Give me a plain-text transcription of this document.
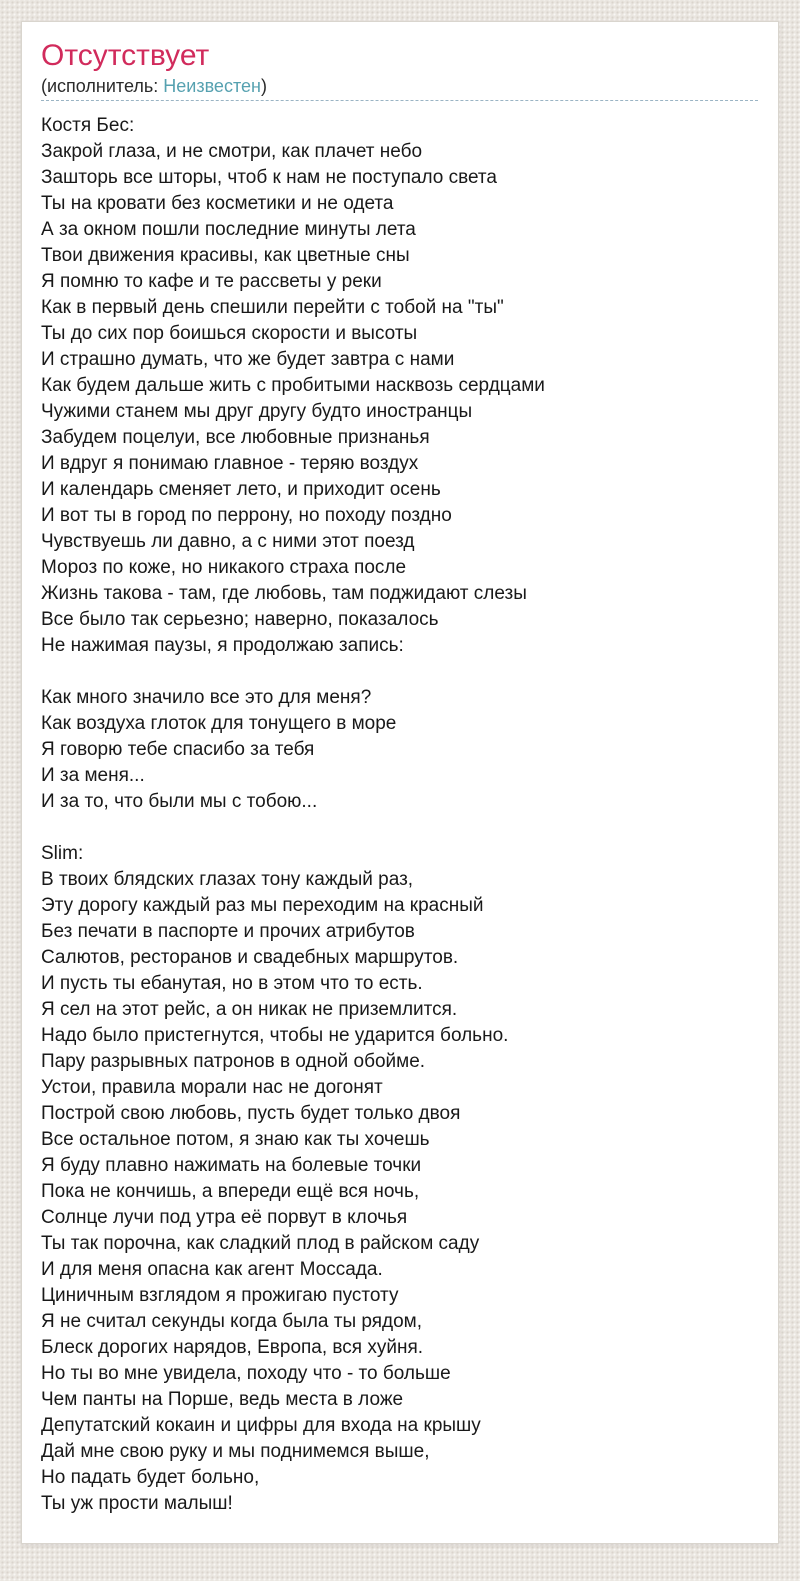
Отсутствует
(исполнитель: Неизвестен)
Костя Бес:
Закрой глаза, и не смотри, как плачет небо
Зашторь все шторы, чтоб к нам не поступало света
Ты на кровати без косметики и не одета
А за окном пошли последние минуты лета
Твои движения красивы, как цветные сны
Я помню то кафе и те рассветы у реки
Как в первый день спешили перейти с тобой на "ты"
Ты до сих пор боишься скорости и высоты
И страшно думать, что же будет завтра с нами
Как будем дальше жить с пробитыми насквозь сердцами
Чужими станем мы друг другу будто иностранцы
Забудем поцелуи, все любовные признанья
И вдруг я понимаю главное - теряю воздух
И календарь сменяет лето, и приходит осень
И вот ты в город по перрону, но походу поздно
Чувствуешь ли давно, а с ними этот поезд
Мороз по коже, но никакого страха после
Жизнь такова - там, где любовь, там поджидают слезы
Все было так серьезно; наверно, показалось
Не нажимая паузы, я продолжаю запись:

Как много значило все это для меня?
Как воздуха глоток для тонущего в море
Я говорю тебе спасибо за тебя
И за меня...
И за то, что были мы с тобою...

Slim:
В твоих блядских глазах тону каждый раз,
Эту дорогу каждый раз мы переходим на красный
Без печати в паспорте и прочих атрибутов
Салютов, ресторанов и свадебных маршрутов.
И пусть ты ебанутая, но в этом что то есть.
Я сел на этот рейс, а он никак не приземлится.
Надо было пристегнутся, чтобы не ударится больно.
Пару разрывных патронов в одной обойме.
Устои, правила морали нас не догонят
Построй свою любовь, пусть будет только двоя
Все остальное потом, я знаю как ты хочешь
Я буду плавно нажимать на болевые точки
Пока не кончишь, а впереди ещё вся ночь,
Солнце лучи под утра её порвут в клочья
Ты так порочна, как сладкий плод в райском саду
И для меня опасна как агент Моссада.
Циничным взглядом я прожигаю пустоту
Я не считал секунды когда была ты рядом,
Блеск дорогих нарядов, Европа, вся хуйня.
Но ты во мне увидела, походу что - то больше
Чем панты на Порше, ведь места в ложе
Депутатский кокаин и цифры для входа на крышу
Дай мне свою руку и мы поднимемся выше,
Но падать будет больно,
Ты уж прости малыш!
